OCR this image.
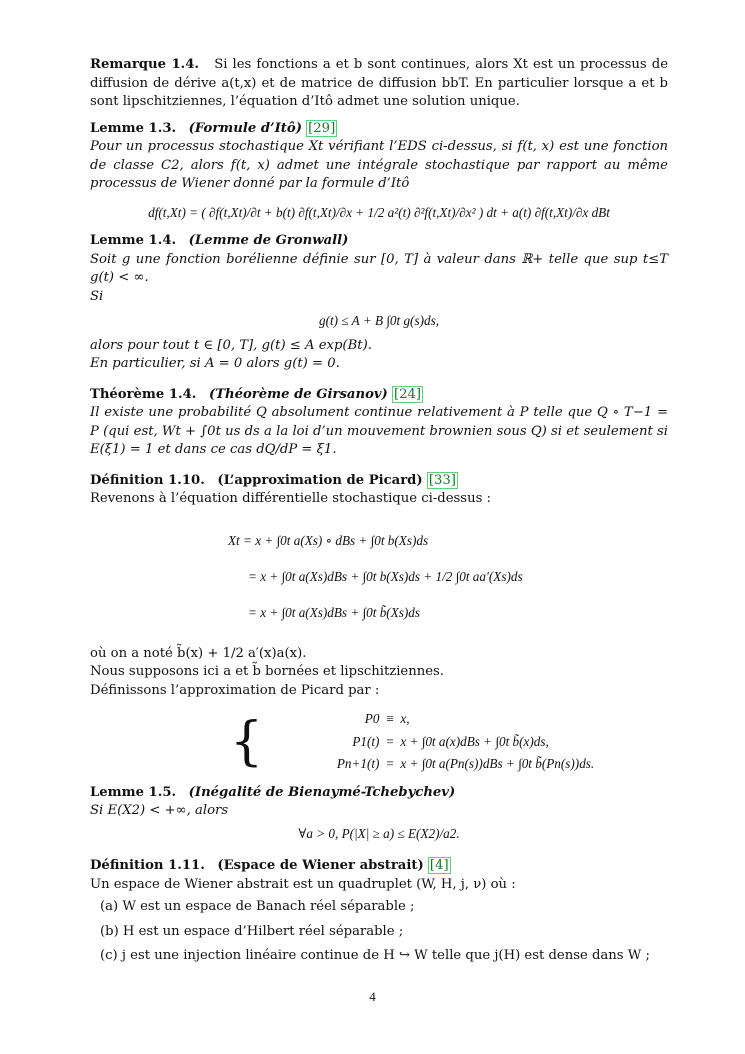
Remarque 1.4. Si les fonctions a et b sont continues, alors Xt est un processus de diffusion de dérive a(t,x) et de matrice de diffusion bbT. En particulier lorsque a et b sont lipschitziennes, l’équation d’Itô admet une solution unique.

Lemme 1.3. (Formule d’Itô) [29]
Pour un processus stochastique Xt vérifiant l’EDS ci-dessus, si f(t, x) est une fonction de classe C2, alors f(t, x) admet une intégrale stochastique par rapport au même processus de Wiener donné par la formule d’Itô

df(t,Xt) = ( ∂f(t,Xt)/∂t + b(t) ∂f(t,Xt)/∂x + 1/2 a²(t) ∂²f(t,Xt)/∂x² ) dt + a(t) ∂f(t,Xt)/∂x dBt

Lemme 1.4. (Lemme de Gronwall)
Soit g une fonction borélienne définie sur [0, T] à valeur dans ℝ+ telle que sup t≤T g(t) < ∞.
Si

g(t) ≤ A + B ∫0t g(s)ds,

alors pour tout t ∈ [0, T], g(t) ≤ A exp(Bt).
En particulier, si A = 0 alors g(t) = 0.

Théorème 1.4. (Théorème de Girsanov) [24]
Il existe une probabilité Q absolument continue relativement à P telle que Q ∘ T−1 = P (qui est, Wt + ∫0t us ds a la loi d’un mouvement brownien sous Q) si et seulement si E(ξ1) = 1 et dans ce cas dQ/dP = ξ1.

Définition 1.10. (L’approximation de Picard) [33]
Revenons à l’équation différentielle stochastique ci-dessus :

Xt = x + ∫0t a(Xs) ∘ dBs + ∫0t b(Xs)ds
= x + ∫0t a(Xs)dBs + ∫0t b(Xs)ds + 1/2 ∫0t aa′(Xs)ds
= x + ∫0t a(Xs)dBs + ∫0t b̃(Xs)ds

où on a noté b̃(x) + 1/2 a′(x)a(x).
Nous supposons ici a et b̃ bornées et lipschitziennes.
Définissons l’approximation de Picard par :

{	P0	≡	x,
P1(t)	=	x + ∫0t a(x)dBs + ∫0t b̃(x)ds,
Pn+1(t)	=	x + ∫0t a(Pn(s))dBs + ∫0t b̃(Pn(s))ds.

Lemme 1.5. (Inégalité de Bienaymé-Tchebychev)
Si E(X2) < +∞, alors

∀a > 0, P(|X| ≥ a) ≤ E(X2)/a2.

Définition 1.11. (Espace de Wiener abstrait) [4]
Un espace de Wiener abstrait est un quadruplet (W, H, j, ν) où :

(a) W est un espace de Banach réel séparable ;
(b) H est un espace d’Hilbert réel séparable ;
(c) j est une injection linéaire continue de H ↪ W telle que j(H) est dense dans W ;
4
